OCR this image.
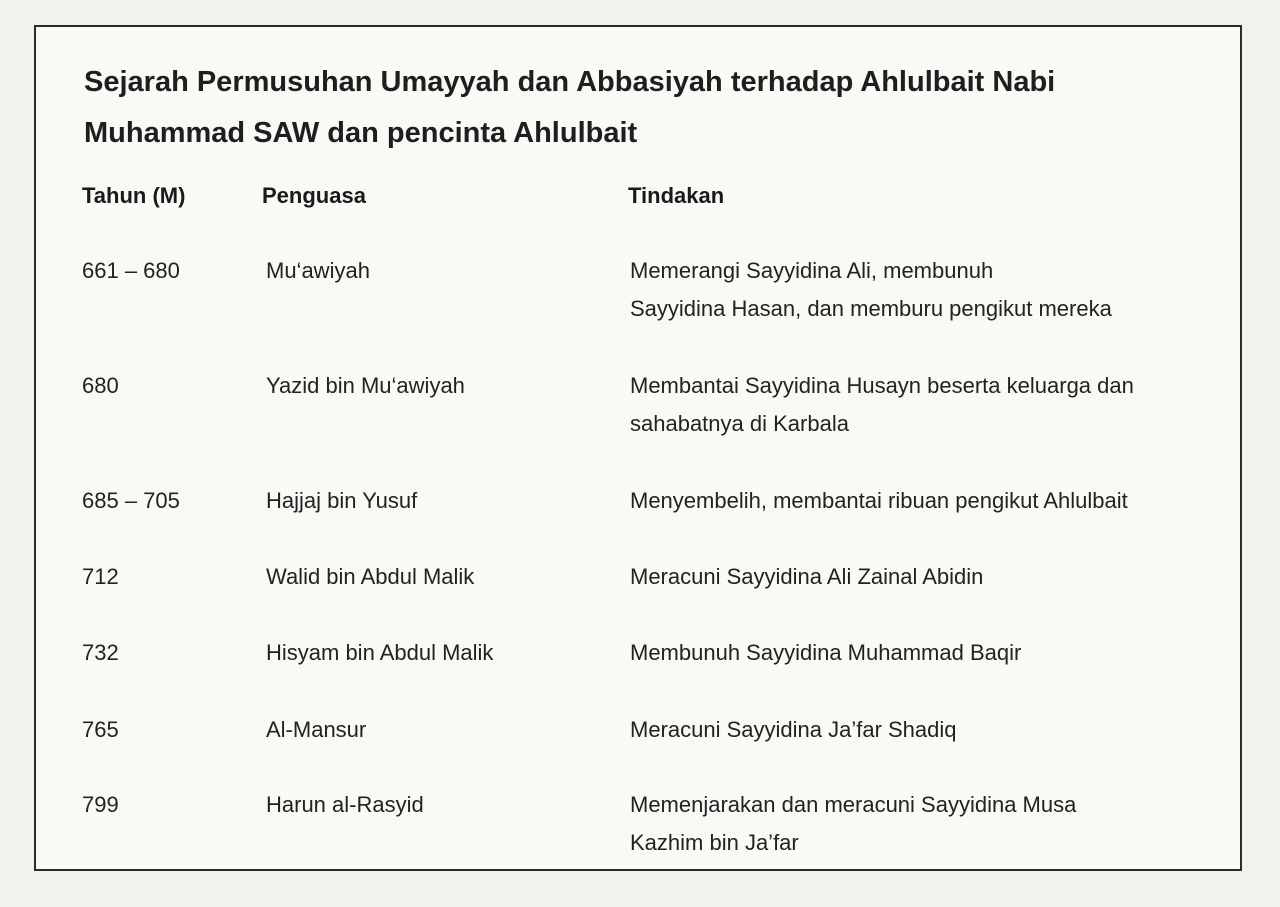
Sejarah Permusuhan Umayyah dan Abbasiyah terhadap Ahlulbait Nabi
Muhammad SAW dan pencinta Ahlulbait
Tahun (M)	Penguasa	Tindakan
661 – 680	Mu‘awiyah	Memerangi Sayyidina Ali, membunuh
Sayyidina Hasan, dan memburu pengikut mereka
680	Yazid bin Mu‘awiyah	Membantai Sayyidina Husayn beserta keluarga dan
sahabatnya di Karbala
685 – 705	Hajjaj bin Yusuf	Menyembelih, membantai ribuan pengikut Ahlulbait
712	Walid bin Abdul Malik	Meracuni Sayyidina Ali Zainal Abidin
732	Hisyam bin Abdul Malik	Membunuh Sayyidina Muhammad Baqir
765	Al-Mansur	Meracuni Sayyidina Ja’far Shadiq
799	Harun al-Rasyid	Memenjarakan dan meracuni Sayyidina Musa
Kazhim bin Ja’far
